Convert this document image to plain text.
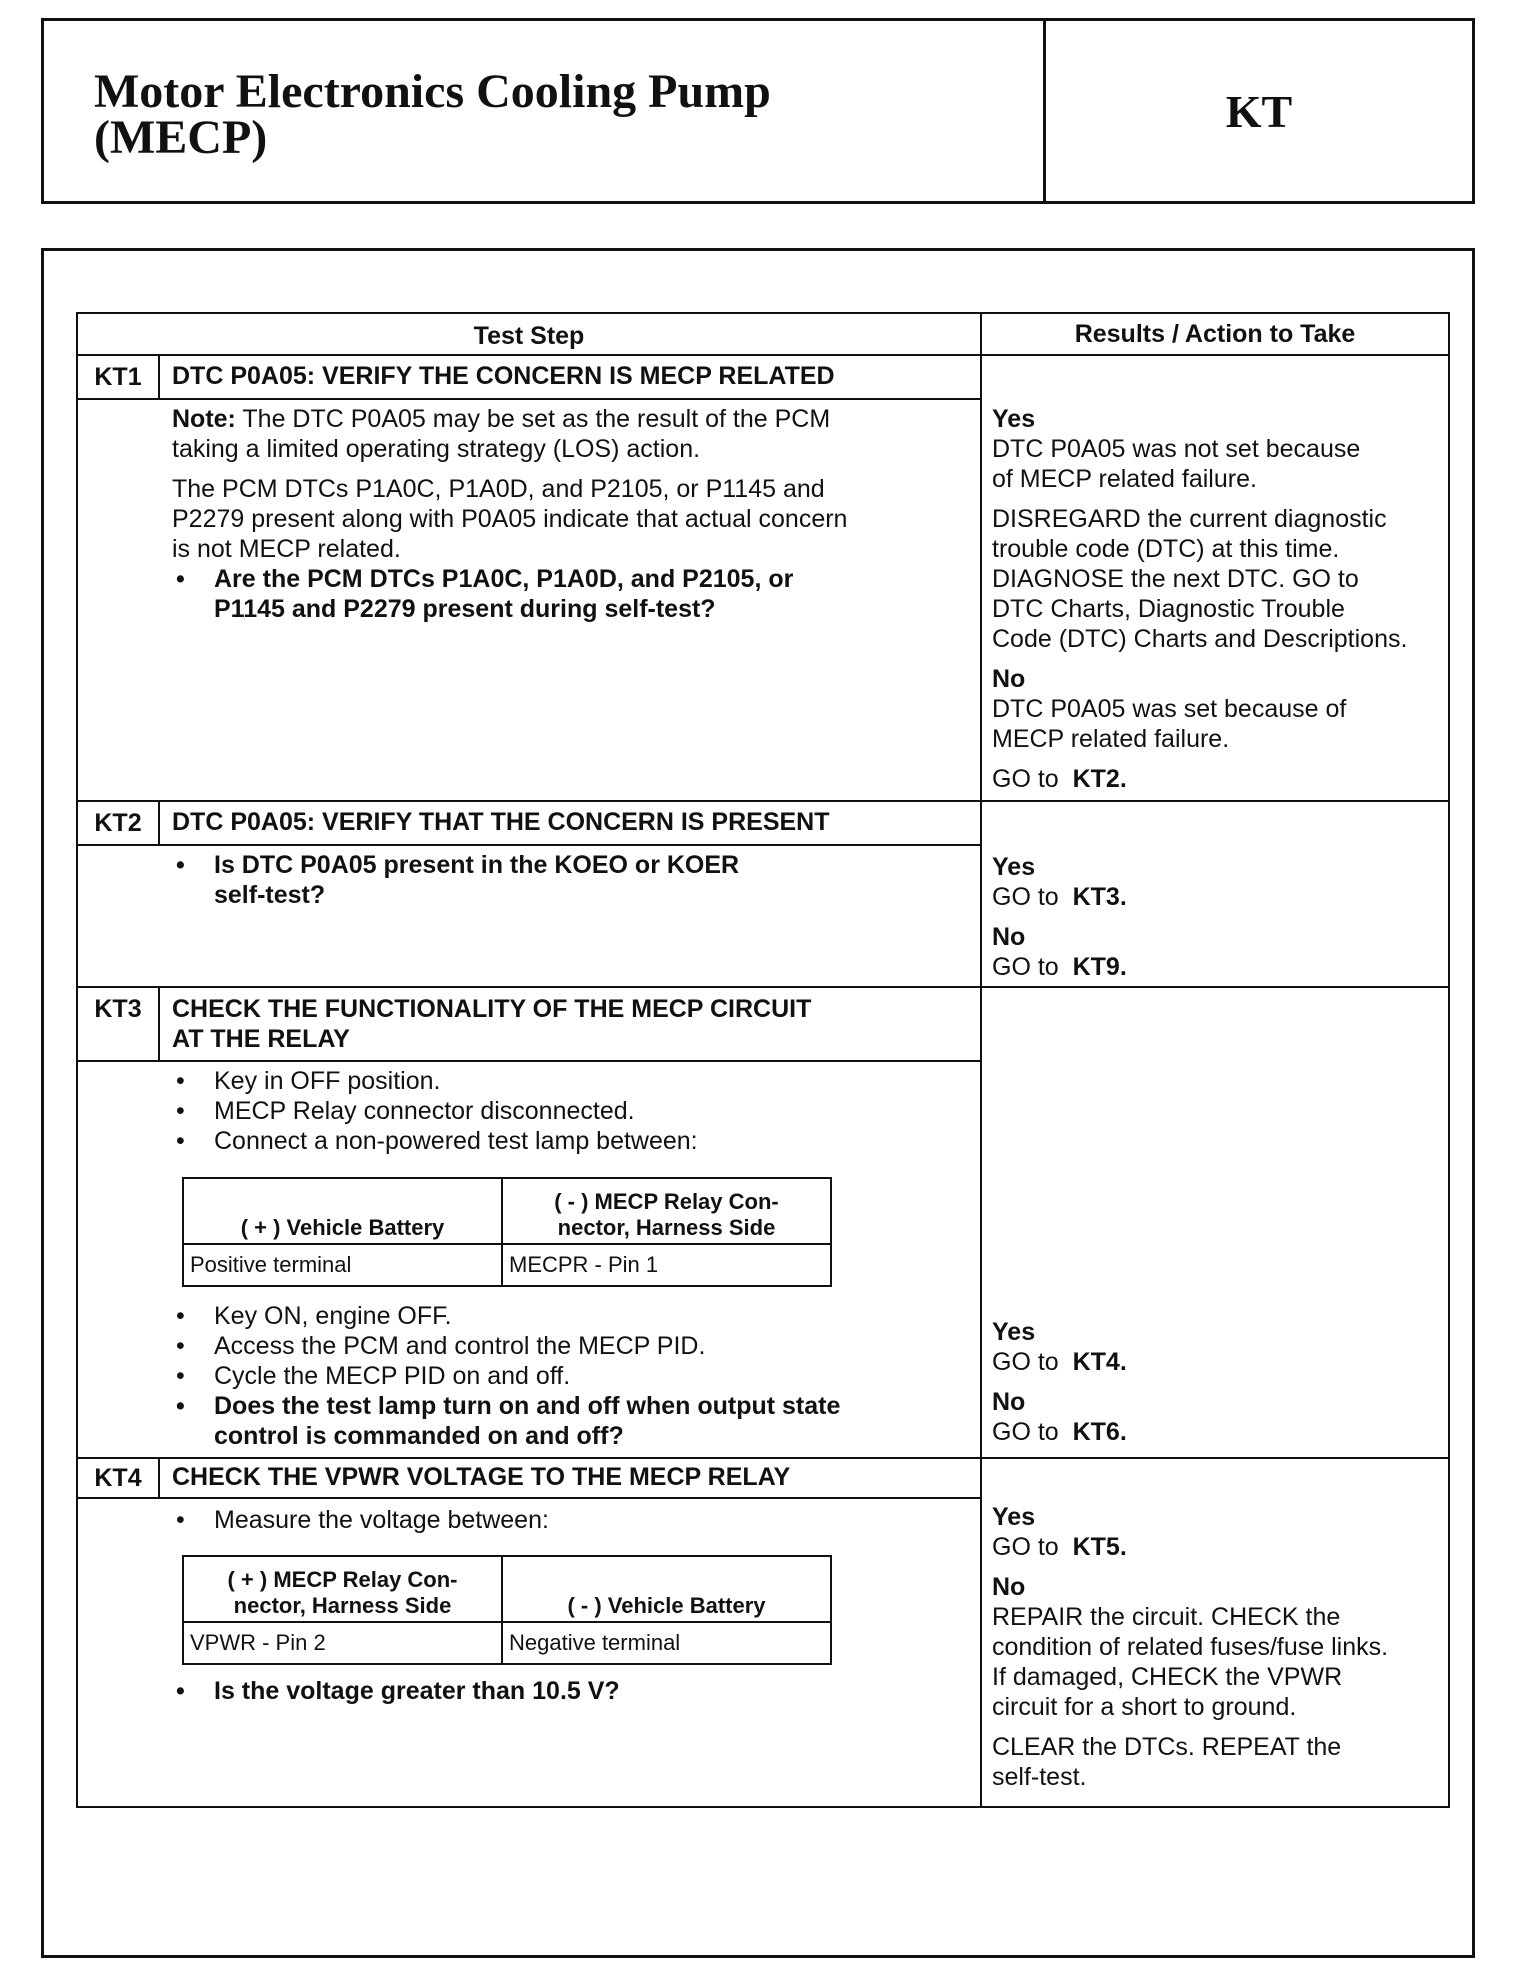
Motor Electronics Cooling Pump
(MECP)	KT
Test Step	Results / Action to Take
KT1	DTC P0A05: VERIFY THE CONCERN IS MECP RELATED

Note: The DTC P0A05 may be set as the result of the PCM

taking a limited operating strategy (LOS) action.

The PCM DTCs P1A0C, P1A0D, and P2105, or P1145 and

P2279 present along with P0A05 indicate that actual concern

is not MECP related.

• Are the PCM DTCs P1A0C, P1A0D, and P2105, or
P1145 and P2279 present during self-test?

Yes

DTC P0A05 was not set because

of MECP related failure.

DISREGARD the current diagnostic

trouble code (DTC) at this time.

DIAGNOSE the next DTC. GO to

DTC Charts, Diagnostic Trouble

Code (DTC) Charts and Descriptions.

No

DTC P0A05 was set because of

MECP related failure.

GO to KT2.

KT2	DTC P0A05: VERIFY THAT THE CONCERN IS PRESENT
• Is DTC P0A05 present in the KOEO or KOER
self-test?

Yes

GO to KT3.

No

GO to KT9.

KT3	CHECK THE FUNCTIONALITY OF THE MECP CIRCUIT
AT THE RELAY
• Key in OFF position.
• MECP Relay connector disconnected.
• Connect a non-powered test lamp between:
( + ) Vehicle Battery	( - ) MECP Relay Con-
nector, Harness Side
Positive terminal	MECPR - Pin 1
• Key ON, engine OFF.
• Access the PCM and control the MECP PID.
• Cycle the MECP PID on and off.
• Does the test lamp turn on and off when output state
control is commanded on and off?

Yes

GO to KT4.

No

GO to KT6.

KT4	CHECK THE VPWR VOLTAGE TO THE MECP RELAY
• Measure the voltage between:
( + ) MECP Relay Con-
nector, Harness Side	( - ) Vehicle Battery
VPWR - Pin 2	Negative terminal
• Is the voltage greater than 10.5 V?

Yes

GO to KT5.

No

REPAIR the circuit. CHECK the

condition of related fuses/fuse links.

If damaged, CHECK the VPWR

circuit for a short to ground.

CLEAR the DTCs. REPEAT the

self-test.
